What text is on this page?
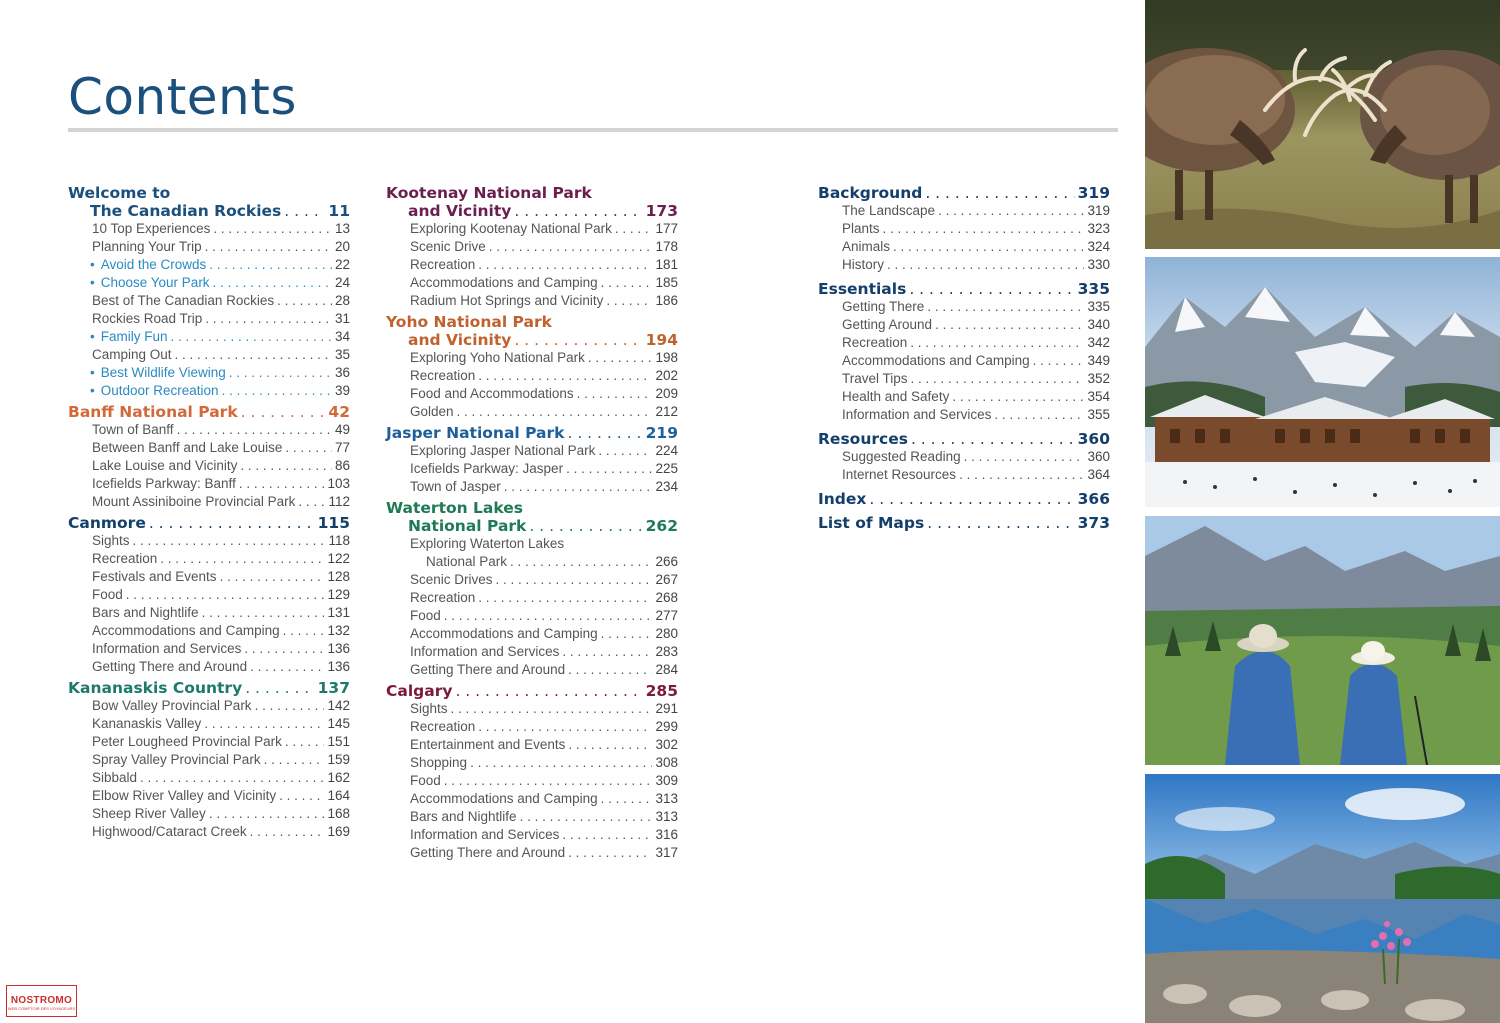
Contents
Welcome to
The Canadian Rockies . . .	11
10 Top Experiences . . .	13
Planning Your Trip . . .	20
• Avoid the Crowds . . .	22
• Choose Your Park . . .	24
Best of The Canadian Rockies . . .	28
Rockies Road Trip . . .	31
• Family Fun . . .	34
Camping Out . . .	35
• Best Wildlife Viewing . . .	36
• Outdoor Recreation . . .	39
Banff National Park . . .	42
Town of Banff . . .	49
Between Banff and Lake Louise . . .	77
Lake Louise and Vicinity . . .	86
Icefields Parkway: Banff . . .	103
Mount Assiniboine Provincial Park . . . 112
Canmore . . .	115
Sights . . .	118
Recreation . . .	122
Festivals and Events . . .	128
Food . . .	129
Bars and Nightlife . . .	131
Accommodations and Camping . . .	132
Information and Services . . .	136
Getting There and Around . . .	136
Kananaskis Country . . .	137
Bow Valley Provincial Park . . .	142
Kananaskis Valley . . .	145
Peter Lougheed Provincial Park . . .	151
Spray Valley Provincial Park . . .	159
Sibbald . . .	162
Elbow River Valley and Vicinity . . .	164
Sheep River Valley . . .	168
Highwood/Cataract Creek . . .	169
Kootenay National Park
and Vicinity . . .	173
Exploring Kootenay National Park . . .	177
Scenic Drive . . .	178
Recreation . . .	181
Accommodations and Camping . . .	185
Radium Hot Springs and Vicinity . . .	186
Yoho National Park
and Vicinity . . .	194
Exploring Yoho National Park . . .	198
Recreation . . .	202
Food and Accommodations . . .	209
Golden . . .	212
Jasper National Park . . .	219
Exploring Jasper National Park . . .	224
Icefields Parkway: Jasper . . .	225
Town of Jasper . . .	234
Waterton Lakes
National Park . . .	262
Exploring Waterton Lakes
National Park . . .	266
Scenic Drives . . .	267
Recreation . . .	268
Food . . .	277
Accommodations and Camping . . .	280
Information and Services . . .	283
Getting There and Around . . .	284
Calgary . . .	285
Sights . . .	291
Recreation . . .	299
Entertainment and Events . . .	302
Shopping . . .	308
Food . . .	309
Accommodations and Camping . . .	313
Bars and Nightlife . . .	313
Information and Services . . .	316
Getting There and Around . . .	317
Background . . .	319
The Landscape . . .	319
Plants . . .	323
Animals . . .	324
History . . .	330
Essentials . . .	335
Getting There . . .	335
Getting Around . . .	340
Recreation . . .	342
Accommodations and Camping . . .	349
Travel Tips . . .	352
Health and Safety . . .	354
Information and Services . . .	355
Resources . . .	360
Suggested Reading . . .	360
Internet Resources . . .	364
Index . . .	366
List of Maps . . .	373
NOSTROMO
WEB COMPTOIR DES VOYAGEURS
